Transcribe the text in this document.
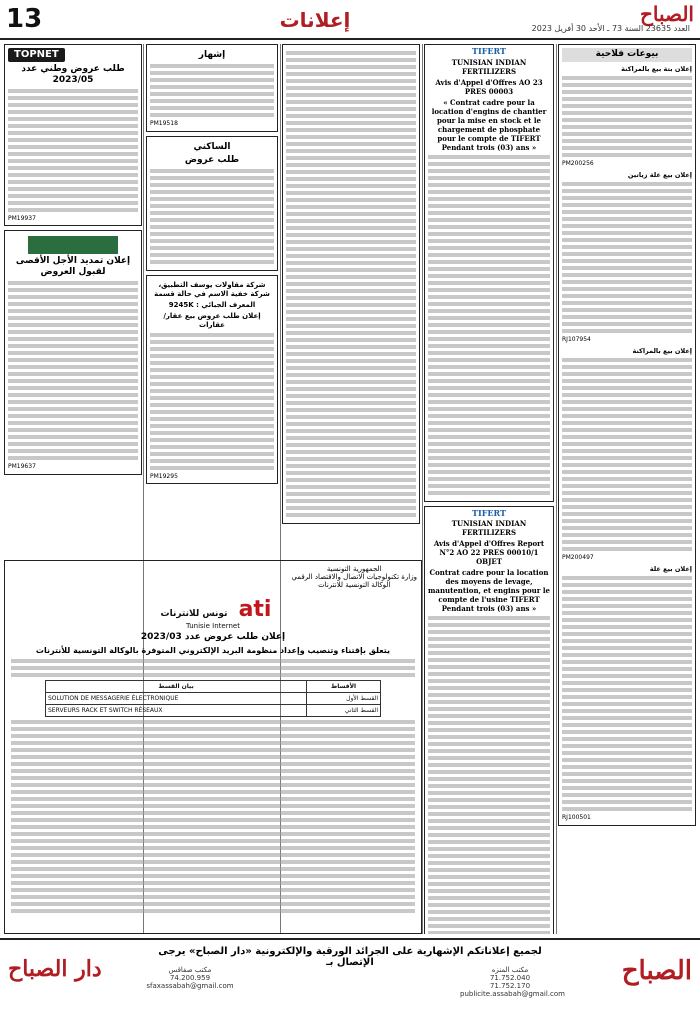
13	إعلانات	الصباح
العدد 23635 السنة 73 ـ الأحد 30 أفريل 2023
بيوعات فلاحية
إعلان بتة بيع بالمراكنة
PM200256
إعلان بيع غلة زياتين
RJ107954
إعلان بيع بالمراكنة
PM200497
إعلان بيع غلة
RJ100501
TIFERT
TUNISIAN INDIAN FERTILIZERS
Avis d'Appel d'Offres AO 23 PRES 00003
« Contrat cadre pour la location d'engins de chantier pour la mise en stock et le chargement de phosphate pour le compte de TIFERT Pendant trois (03) ans »
TIFERT
TUNISIAN INDIAN FERTILIZERS
Avis d'Appel d'Offres Report N°2 AO 22 PRES 00010/1 OBJET
Contrat cadre pour la location des moyens de levage, manutention, et engins pour le compte de l'usine TIFERT Pendant trois (03) ans »
إشهار
PM19518
الساكني
طلب عروض
شركة مقاولات يوسف التطبيق، شركة خفية الاسم في حالة قسمة
المعرف الجبائي : 9245K
إعلان طلب عروض بيع عقار/ عقارات
PM19295
TOPNET
طلب عروض وطني عدد 2023/05
PM19937
إعلان تمديد الأجل الأقصى لقبول العروض
PM19637
الجمهورية التونسية
وزارة تكنولوجيات الاتصال والاقتصاد الرقمي
الوكالة التونسية للانترنات
ati تونس للانترنات
Tunisie Internet
إعلان طلب عروض عدد 2023/03
يتعلق بإقتناء وتنصيب وإعداد منظومة البريد الإلكتروني المتوفرة بالوكالة التونسية للأنترنات
بيان القسط	الأقساط
SOLUTION DE MESSAGERIE ÉLECTRONIQUE	القسط الأول
SERVEURS RACK ET SWITCH RÉSEAUX	القسط الثاني
الصباح
دار الصباح
لجميع إعلاناتكم الإشهارية على الجرائد الورقية والإلكترونية «دار الصباح» يرجى الإتصال بـ
مكتب صفاقس
74.200.959
sfaxassabah@gmail.com
مكتب المنزه
71.752.040
71.752.170
publicite.assabah@gmail.com
